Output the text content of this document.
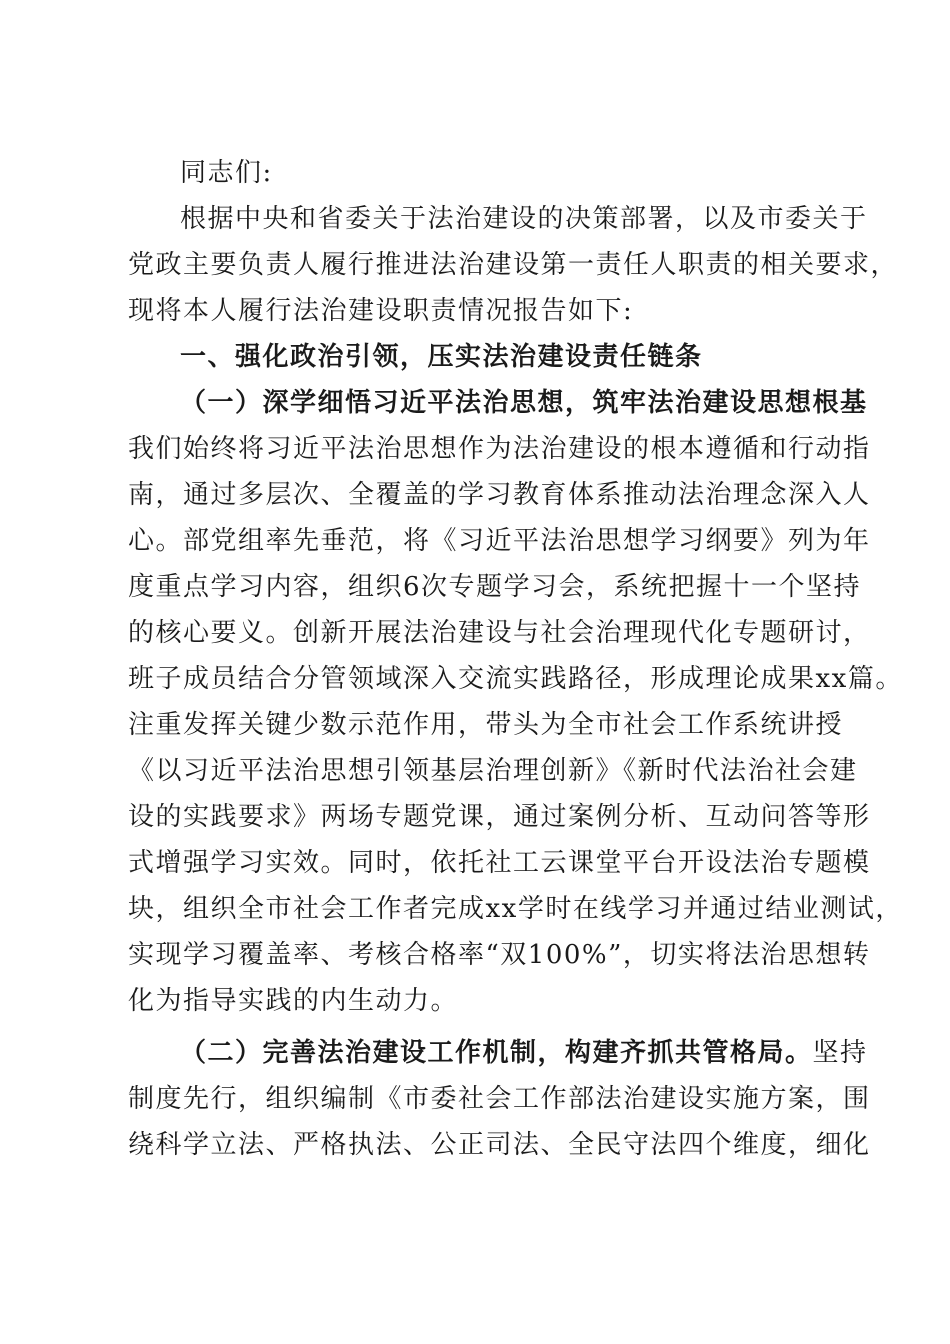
同志们:
根据中央和省委关于法治建设的决策部署，以及市委关于
党政主要负责人履行推进法治建设第一责任人职责的相关要求，
现将本人履行法治建设职责情况报告如下:
一、强化政治引领，压实法治建设责任链条
（一）深学细悟习近平法治思想，筑牢法治建设思想根基
我们始终将习近平法治思想作为法治建设的根本遵循和行动指
南，通过多层次、全覆盖的学习教育体系推动法治理念深入人
心。部党组率先垂范，将《习近平法治思想学习纲要》列为年
度重点学习内容，组织6次专题学习会，系统把握十一个坚持
的核心要义。创新开展法治建设与社会治理现代化专题研讨，
班子成员结合分管领域深入交流实践路径，形成理论成果xx篇。
注重发挥关键少数示范作用，带头为全市社会工作系统讲授
《以习近平法治思想引领基层治理创新》《新时代法治社会建
设的实践要求》两场专题党课，通过案例分析、互动问答等形
式增强学习实效。同时，依托社工云课堂平台开设法治专题模
块，组织全市社会工作者完成xx学时在线学习并通过结业测试，
实现学习覆盖率、考核合格率“双100%”，切实将法治思想转
化为指导实践的内生动力。
（二）完善法治建设工作机制，构建齐抓共管格局。坚持
制度先行，组织编制《市委社会工作部法治建设实施方案，围
绕科学立法、严格执法、公正司法、全民守法四个维度，细化
